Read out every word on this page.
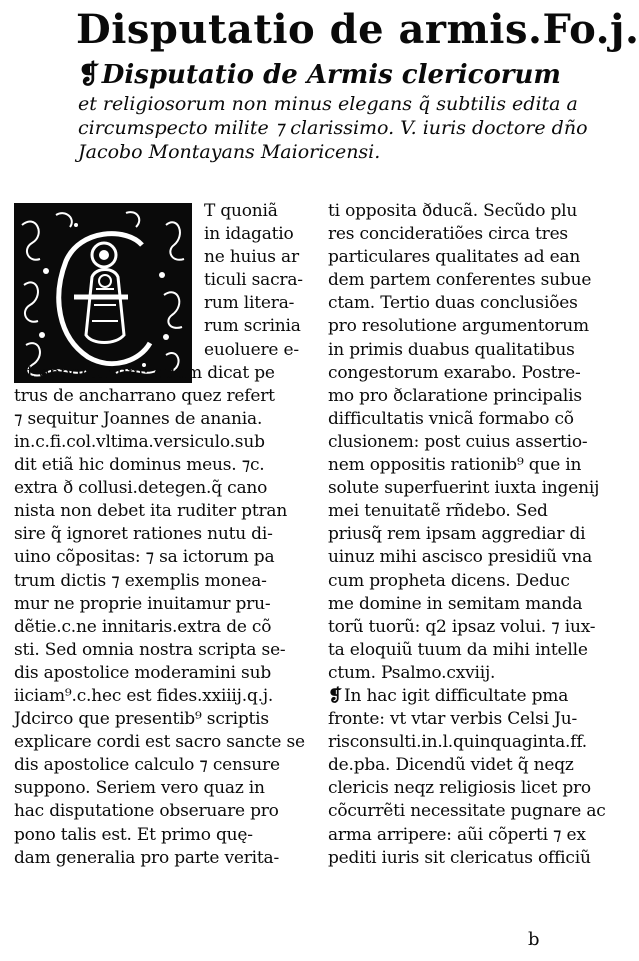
Disputatio de armis. Fo.j.
❡Disputatio de Armis clericorum
et religiosorum non minus elegans q̃ subtilis edita a
circumspecto milite ⁊ clarissimo. V. iuris doctore dño
Jacobo Montayans Maioricensi.
T quoniã
in idagatio
ne huius ar
ticuli sacra-
rum litera-
rum scrinia
euoluere e-
rit opportunum: quum dicat pe
trus de ancharrano quez refert
⁊ sequitur Joannes de anania.
in.c.fi.col.vltima.versiculo.sub
dit etiã hic dominus meus. ⁊c.
extra ð collusi.detegen.q̃ cano
nista non debet ita ruditer ptran
sire q̃ ignoret rationes nutu di-
uino cõpositas: ⁊ sa ictorum pa
trum dictis ⁊ exemplis monea-
mur ne proprie inuitamur pru-
dẽtie.c.ne innitaris.extra de cõ
sti. Sed omnia nostra scripta se-
dis apostolice moderamini sub
iiciam⁹.c.hec est fides.xxiiij.q.j.
Jdcirco que presentib⁹ scriptis
explicare cordi est sacro sancte se
dis apostolice calculo ⁊ censure
suppono. Seriem vero quaz in
hac disputatione obseruare pro
pono talis est. Et primo quę-
dam generalia pro parte verita-
ti opposita ðducã. Secũdo plu
res concideratiões circa tres
particulares qualitates ad ean
dem partem conferentes subue
ctam. Tertio duas conclusiões
pro resolutione argumentorum
in primis duabus qualitatibus
congestorum exarabo. Postre-
mo pro ðclaratione principalis
difficultatis vnicã formabo cõ
clusionem: post cuius assertio-
nem oppositis rationib⁹ que in
solute superfuerint iuxta ingenij
mei tenuitatẽ rñdebo. Sed
priusq̃ rem ipsam aggrediar di
uinuz mihi ascisco presidiũ vna
cum propheta dicens. Deduc
me domine in semitam manda
torũ tuorũ: q2 ipsaz volui. ⁊ iux-
ta eloquiũ tuum da mihi intelle
ctum. Psalmo.cxviij.
❡ In hac igit difficultate pma
fronte: vt vtar verbis Celsi Ju-
risconsulti.in.l.quinquaginta.ff.
de.pba. Dicendũ videt q̃ neqz
clericis neqz religiosis licet pro
cõcurrẽti necessitate pugnare ac
arma arripere: aũi cõperti ⁊ ex
pediti iuris sit clericatus officiũ
b
